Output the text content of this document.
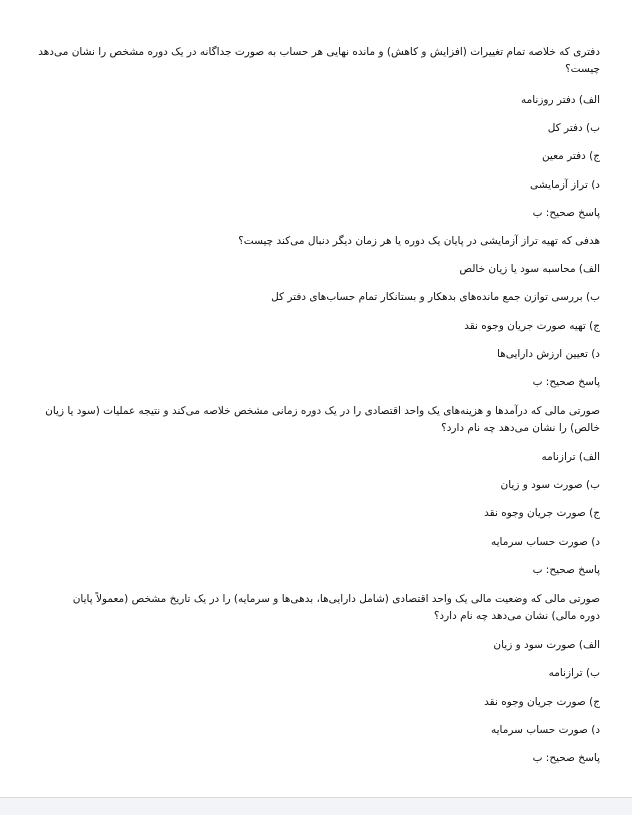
دفتری که خلاصه تمام تغییرات (افزایش و کاهش) و مانده نهایی هر حساب به صورت جداگانه در یک دوره مشخص را نشان می‌دهد چیست؟
الف) دفتر روزنامه
ب) دفتر کل
ج) دفتر معین
د) تراز آزمایشی
پاسخ صحیح: ب
هدفی که تهیه تراز آزمایشی در پایان یک دوره یا هر زمان دیگر دنبال می‌کند چیست؟
الف) محاسبه سود یا زیان خالص
ب) بررسی توازن جمع مانده‌های بدهکار و بستانکار تمام حساب‌های دفتر کل
ج) تهیه صورت جریان وجوه نقد
د) تعیین ارزش دارایی‌ها
پاسخ صحیح: ب
صورتی مالی که درآمدها و هزینه‌های یک واحد اقتصادی را در یک دوره زمانی مشخص خلاصه می‌کند و نتیجه عملیات (سود یا زیان خالص) را نشان می‌دهد چه نام دارد؟
الف) ترازنامه
ب) صورت سود و زیان
ج) صورت جریان وجوه نقد
د) صورت حساب سرمایه
پاسخ صحیح: ب
صورتی مالی که وضعیت مالی یک واحد اقتصادی (شامل دارایی‌ها، بدهی‌ها و سرمایه) را در یک تاریخ مشخص (معمولاً پایان دوره مالی) نشان می‌دهد چه نام دارد؟
الف) صورت سود و زیان
ب) ترازنامه
ج) صورت جریان وجوه نقد
د) صورت حساب سرمایه
پاسخ صحیح: ب
